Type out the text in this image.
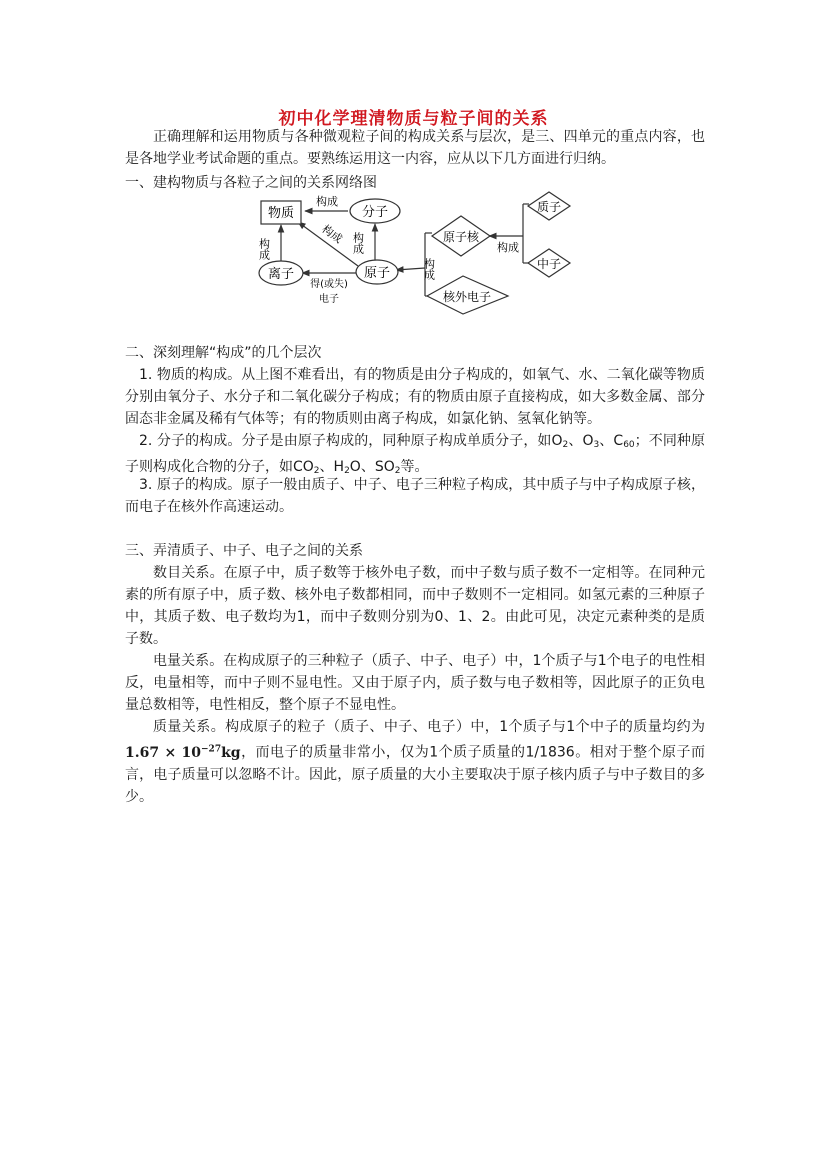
初中化学理清物质与粒子间的关系
正确理解和运用物质与各种微观粒子间的构成关系与层次，是三、四单元的重点内容，也是各地学业考试命题的重点。要熟练运用这一内容，应从以下几方面进行归纳。
一、建构物质与各粒子之间的关系网络图
物质	分子
离子	原子
原子核
质子
中子
核外电子
构成
构成	构成
构成
得(或失)
电子
构成
构成
二、深刻理解“构成”的几个层次
1. 物质的构成。从上图不难看出，有的物质是由分子构成的，如氧气、水、二氧化碳等物质分别由氧分子、水分子和二氧化碳分子构成；有的物质由原子直接构成，如大多数金属、部分固态非金属及稀有气体等；有的物质则由离子构成，如氯化钠、氢氧化钠等。
2. 分子的构成。分子是由原子构成的，同种原子构成单质分子，如$O_2$、$O_3$、$C_{60}$；不同种原子则构成化合物的分子，如$CO_2$、$H_2O$、$SO_2$等。
3. 原子的构成。原子一般由质子、中子、电子三种粒子构成，其中质子与中子构成原子核，而电子在核外作高速运动。
三、弄清质子、中子、电子之间的关系
数目关系。在原子中，质子数等于核外电子数，而中子数与质子数不一定相等。在同种元素的所有原子中，质子数、核外电子数都相同，而中子数则不一定相同。如氢元素的三种原子中，其质子数、电子数均为1，而中子数则分别为0、1、2。由此可见，决定元素种类的是质子数。
电量关系。在构成原子的三种粒子（质子、中子、电子）中，1个质子与1个电子的电性相反，电量相等，而中子则不显电性。又由于原子内，质子数与电子数相等，因此原子的正负电量总数相等，电性相反，整个原子不显电性。
质量关系。构成原子的粒子（质子、中子、电子）中，1个质子与1个中子的质量均约为$1.67 \times 10^{-27}kg$，而电子的质量非常小，仅为1个质子质量的1/1836。相对于整个原子而言，电子质量可以忽略不计。因此，原子质量的大小主要取决于原子核内质子与中子数目的多少。
